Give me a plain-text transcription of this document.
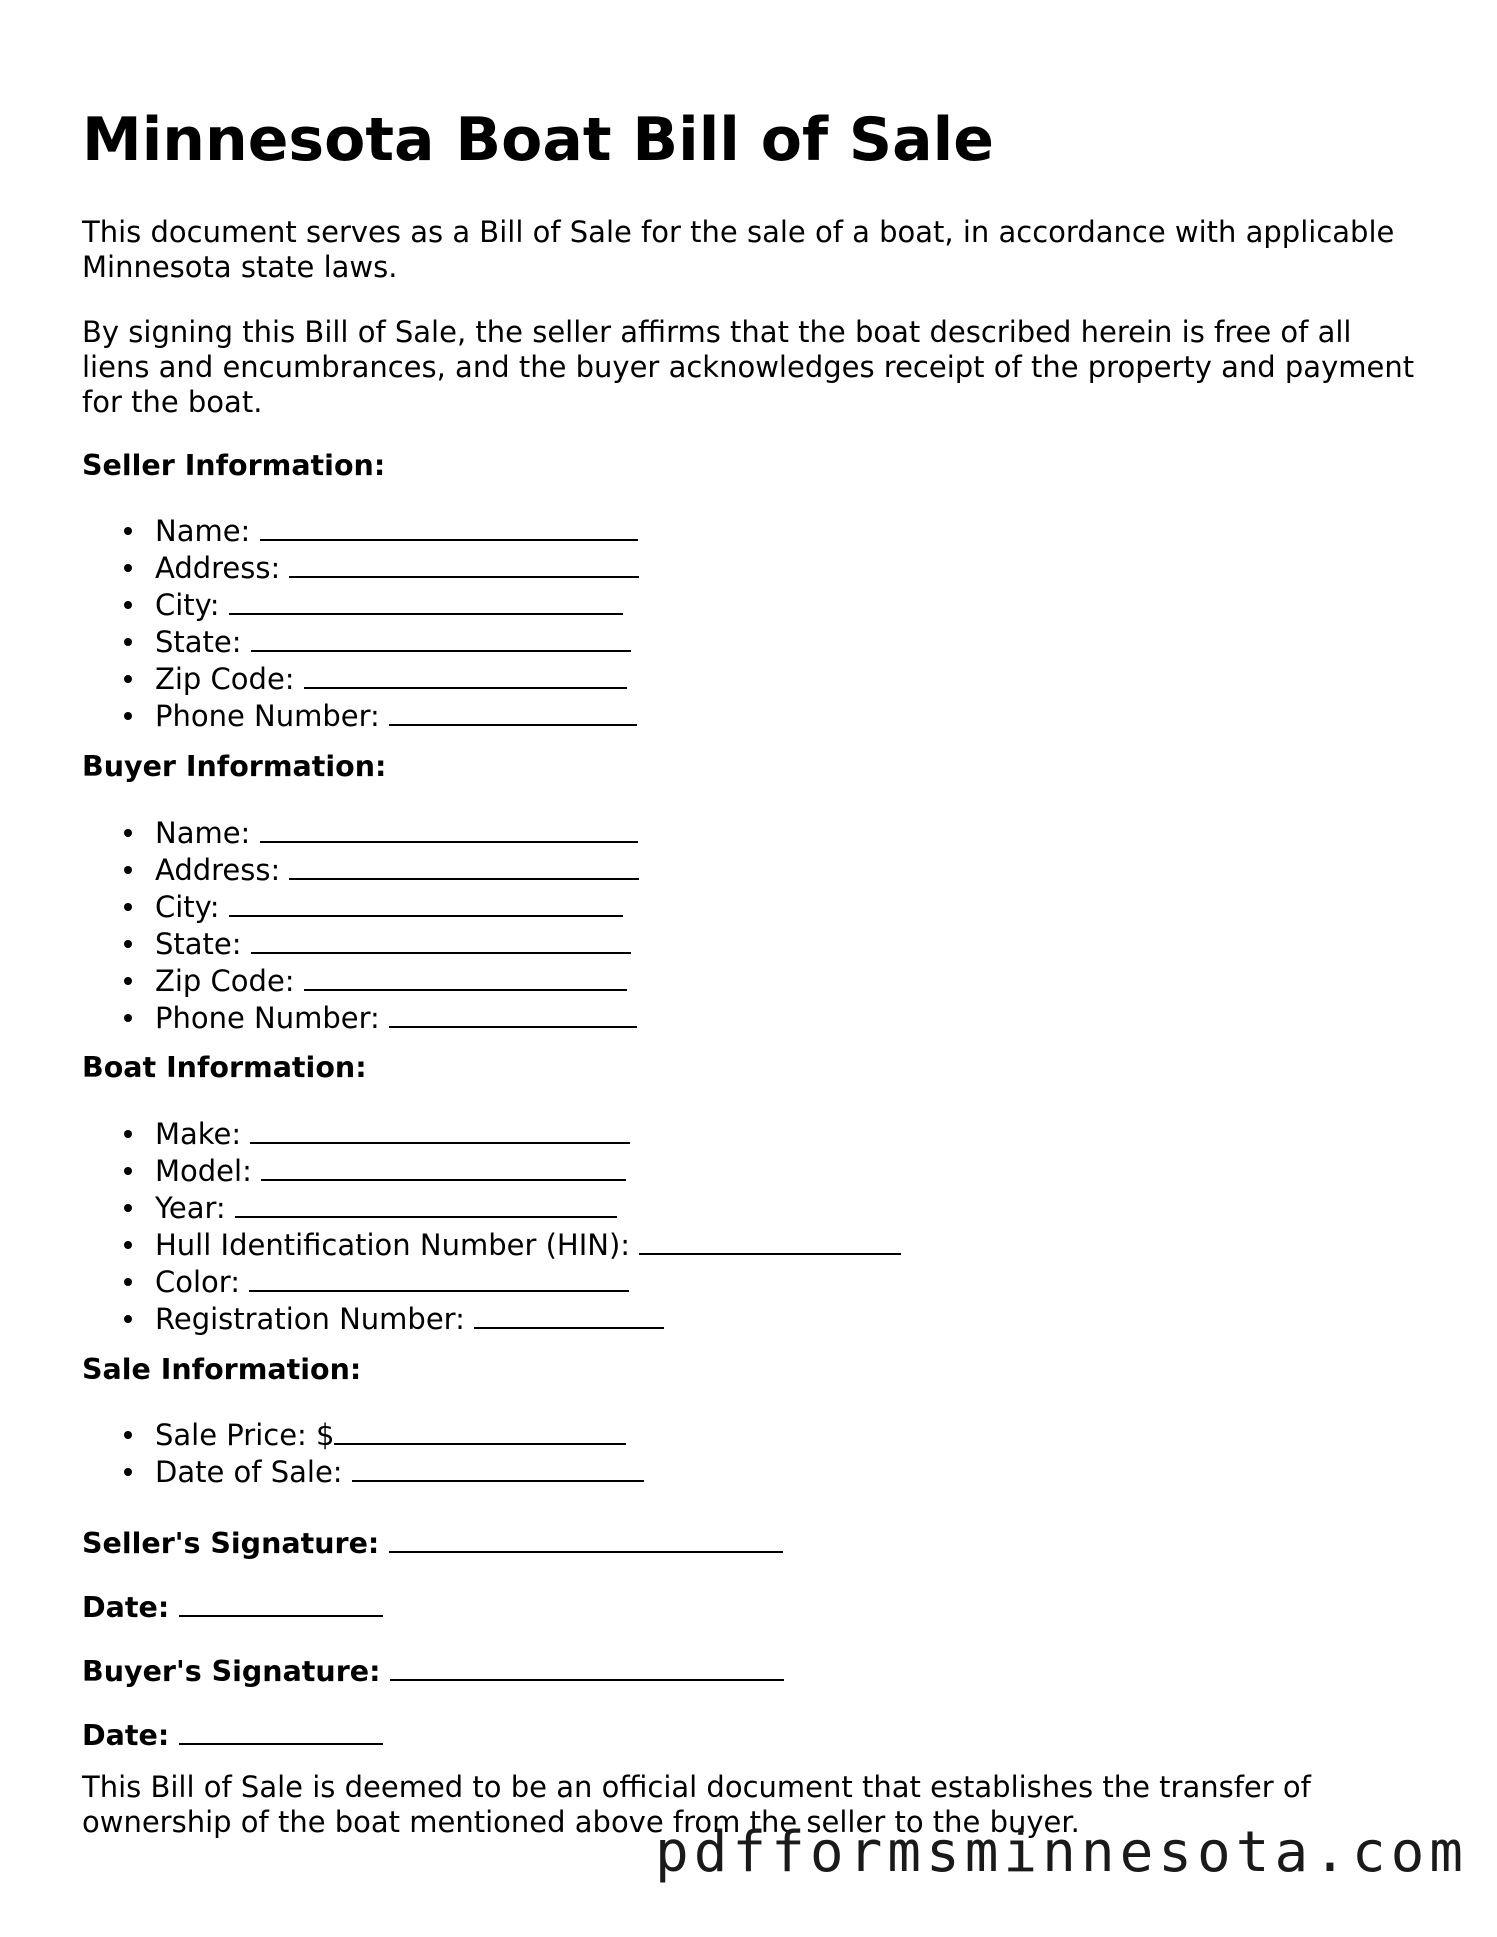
Minnesota Boat Bill of Sale

This document serves as a Bill of Sale for the sale of a boat, in accordance with applicable Minnesota state laws.

By signing this Bill of Sale, the seller affirms that the boat described herein is free of all liens and encumbrances, and the buyer acknowledges receipt of the property and payment for the boat.

Seller Information:

Name:
Address:
City:
State:
Zip Code:
Phone Number:

Buyer Information:

Name:
Address:
City:
State:
Zip Code:
Phone Number:

Boat Information:

Make:
Model:
Year:
Hull Identification Number (HIN):
Color:
Registration Number:

Sale Information:

Sale Price: $
Date of Sale:
Seller's Signature:
Date:
Buyer's Signature:
Date:

This Bill of Sale is deemed to be an official document that establishes the transfer of ownership of the boat mentioned above from the seller to the buyer.

pdfformsminnesota.com
